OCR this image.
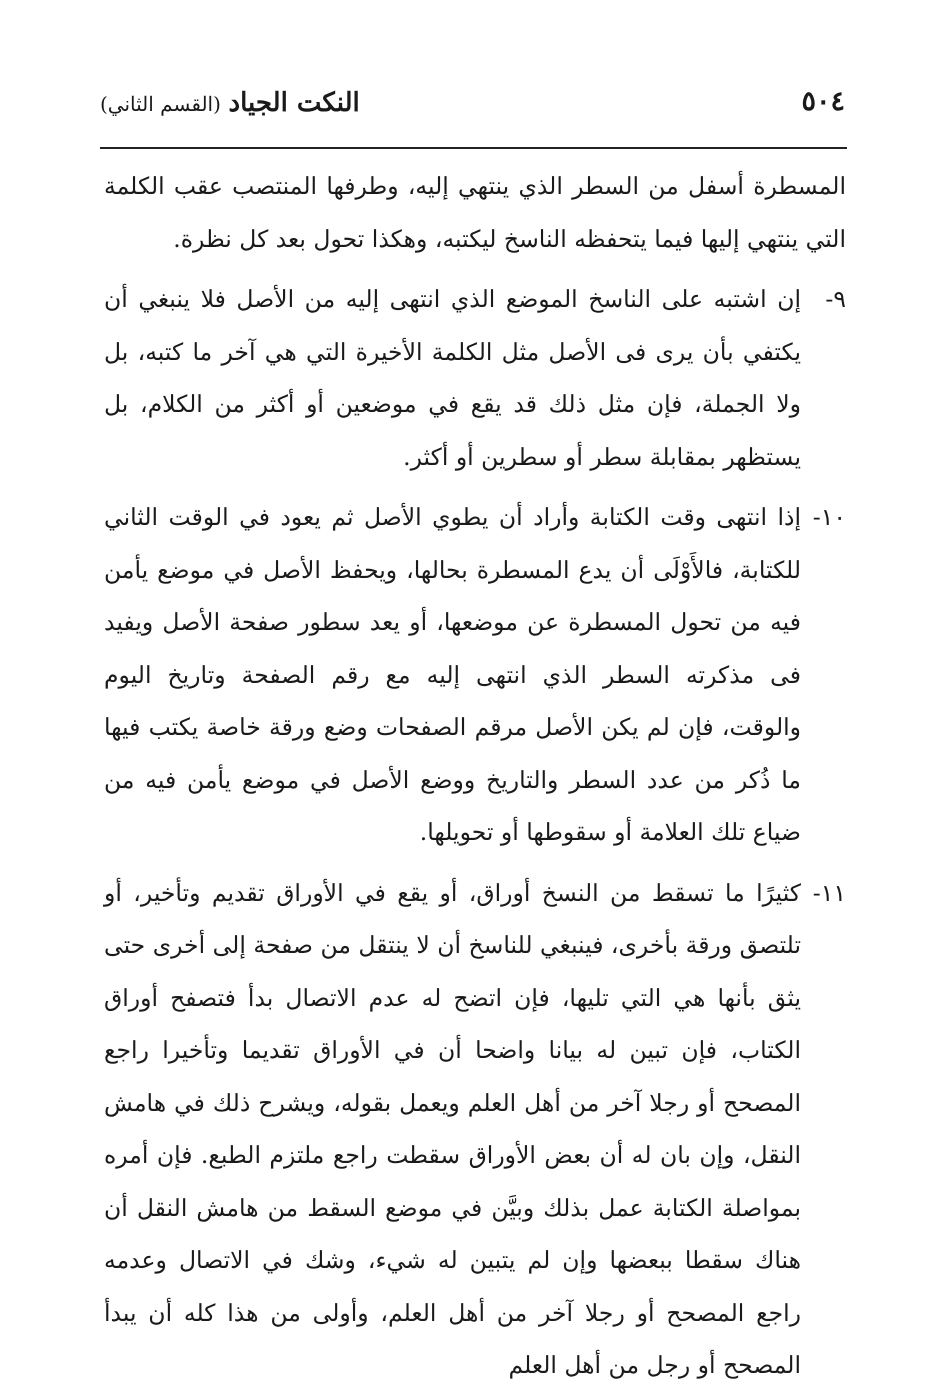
٥٠٤
النكت الجياد (القسم الثاني)

المسطرة أسفل من السطر الذي ينتهي إليه، وطرفها المنتصب عقب الكلمة التي ينتهي إليها فيما يتحفظه الناسخ ليكتبه، وهكذا تحول بعد كل نظرة.

٩-
إن اشتبه على الناسخ الموضع الذي انتهى إليه من الأصل فلا ينبغي أن يكتفي بأن يرى فى الأصل مثل الكلمة الأخيرة التي هي آخر ما كتبه، بل ولا الجملة، فإن مثل ذلك قد يقع في موضعين أو أكثر من الكلام، بل يستظهر بمقابلة سطر أو سطرين أو أكثر.
١٠-
إذا انتهى وقت الكتابة وأراد أن يطوي الأصل ثم يعود في الوقت الثاني للكتابة، فالأَوْلَى أن يدع المسطرة بحالها، ويحفظ الأصل في موضع يأمن فيه من تحول المسطرة عن موضعها، أو يعد سطور صفحة الأصل ويفيد فى مذكرته السطر الذي انتهى إليه مع رقم الصفحة وتاريخ اليوم والوقت، فإن لم يكن الأصل مرقم الصفحات وضع ورقة خاصة يكتب فيها ما ذُكر من عدد السطر والتاريخ ووضع الأصل في موضع يأمن فيه من ضياع تلك العلامة أو سقوطها أو تحويلها.
١١-
كثيرًا ما تسقط من النسخ أوراق، أو يقع في الأوراق تقديم وتأخير، أو تلتصق ورقة بأخرى، فينبغي للناسخ أن لا ينتقل من صفحة إلى أخرى حتى يثق بأنها هي التي تليها، فإن اتضح له عدم الاتصال بدأ فتصفح أوراق الكتاب، فإن تبين له بيانا واضحا أن في الأوراق تقديما وتأخيرا راجع المصحح أو رجلا آخر من أهل العلم ويعمل بقوله، ويشرح ذلك في هامش النقل، وإن بان له أن بعض الأوراق سقطت راجع ملتزم الطبع. فإن أمره بمواصلة الكتابة عمل بذلك وبيَّن في موضع السقط من هامش النقل أن هناك سقطا ببعضها وإن لم يتبين له شيء، وشك في الاتصال وعدمه راجع المصحح أو رجلا آخر من أهل العلم، وأولى من هذا كله أن يبدأ المصحح أو رجل من أهل العلم
